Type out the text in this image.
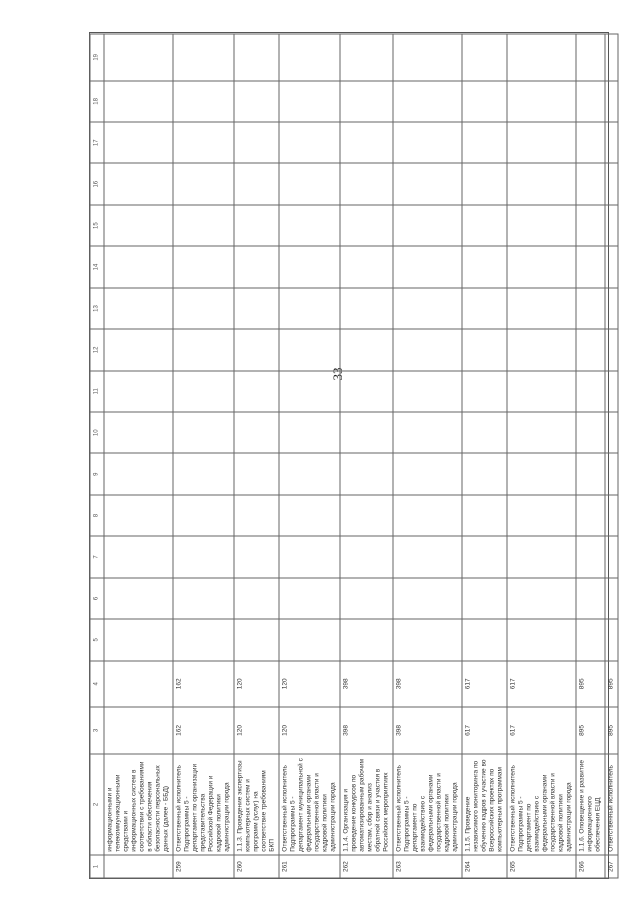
33
1	2	3	4	5	6	7	8	9	10	11	12	13	14	15	16	17	18	19
	информационными и телекоммуникационными средствами и информационных систем в соответствии с требованиями в области обеспечения безопасности персональных данных (далее - ББД)																	
259	Ответственный исполнитель Подпрограммы 5 - департамент по организации представительства Российской Федерации и кадровой политики администрации города	162	162															
260	1.1.3. Проведение экспертизы компьютерных систем и программ (услуг) на соответствие требованиям БКП	120	120															
261	Ответственный исполнитель Подпрограммы 5 - департамент муниципальной с федеральными органами государственной власти и кадровой политики администрации города	120	120															
262	1.1.4. Организация и проведение конкурсов по автоматизированным рабочим местам, сбор и анализ обратной связи и участия в Российских мероприятиях	398	398															
263	Ответственный исполнитель Подпрограммы 5 - департамент по взаимодействию с федеральными органами государственной власти и кадровой политики администрации города	398	398															
264	1.1.5. Проведение независимого мониторинга по обучению кадров и участие во Всероссийских проектах по компьютерным программам	617	617															
265	Ответственный исполнитель Подпрограммы 5 - департамент по взаимодействию с федеральными органами государственной власти и кадровой политики администрации города	617	617															
266	1.1.6. Оповещение и развитие информационного обеспечения ЕЦД	895	895															
267	Ответственный исполнитель	895	895															
